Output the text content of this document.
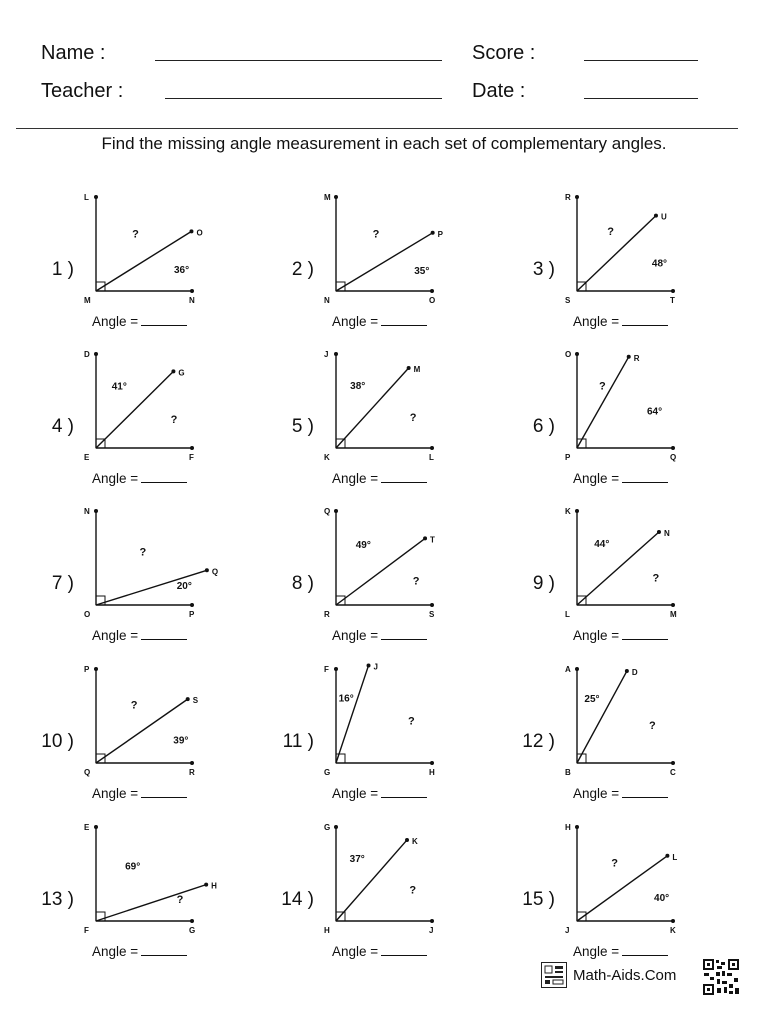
Name :	Score :
Teacher :	Date :
Find the missing angle measurement in each set of complementary angles.
1 )
L
M	N
O
36°
?
Angle =
2 )
M
N	O
P
35°
?
Angle =
3 )
R
S	T
U
48°
?
Angle =
4 )
D
E	F
G
41°
?
Angle =
5 )
J
K	L
M
38°
?
Angle =
6 )
O
P	Q
R
64°
?
Angle =
7 )
N
O	P
Q
20°
?
Angle =
8 )
Q
R	S
T
49°
?
Angle =
9 )
K
L	M
N
44°
?
Angle =
10 )
P
Q	R
S
39°
?
Angle =
11 )
F
G	H
J
16°
?
Angle =
12 )
A
B	C
D
25°
?
Angle =
13 )
E
F	G
H
69°
?
Angle =
14 )
G
H	J
K
37°
?
Angle =
15 )
H
J	K
L
40°
?
Angle =
Math-Aids.Com
